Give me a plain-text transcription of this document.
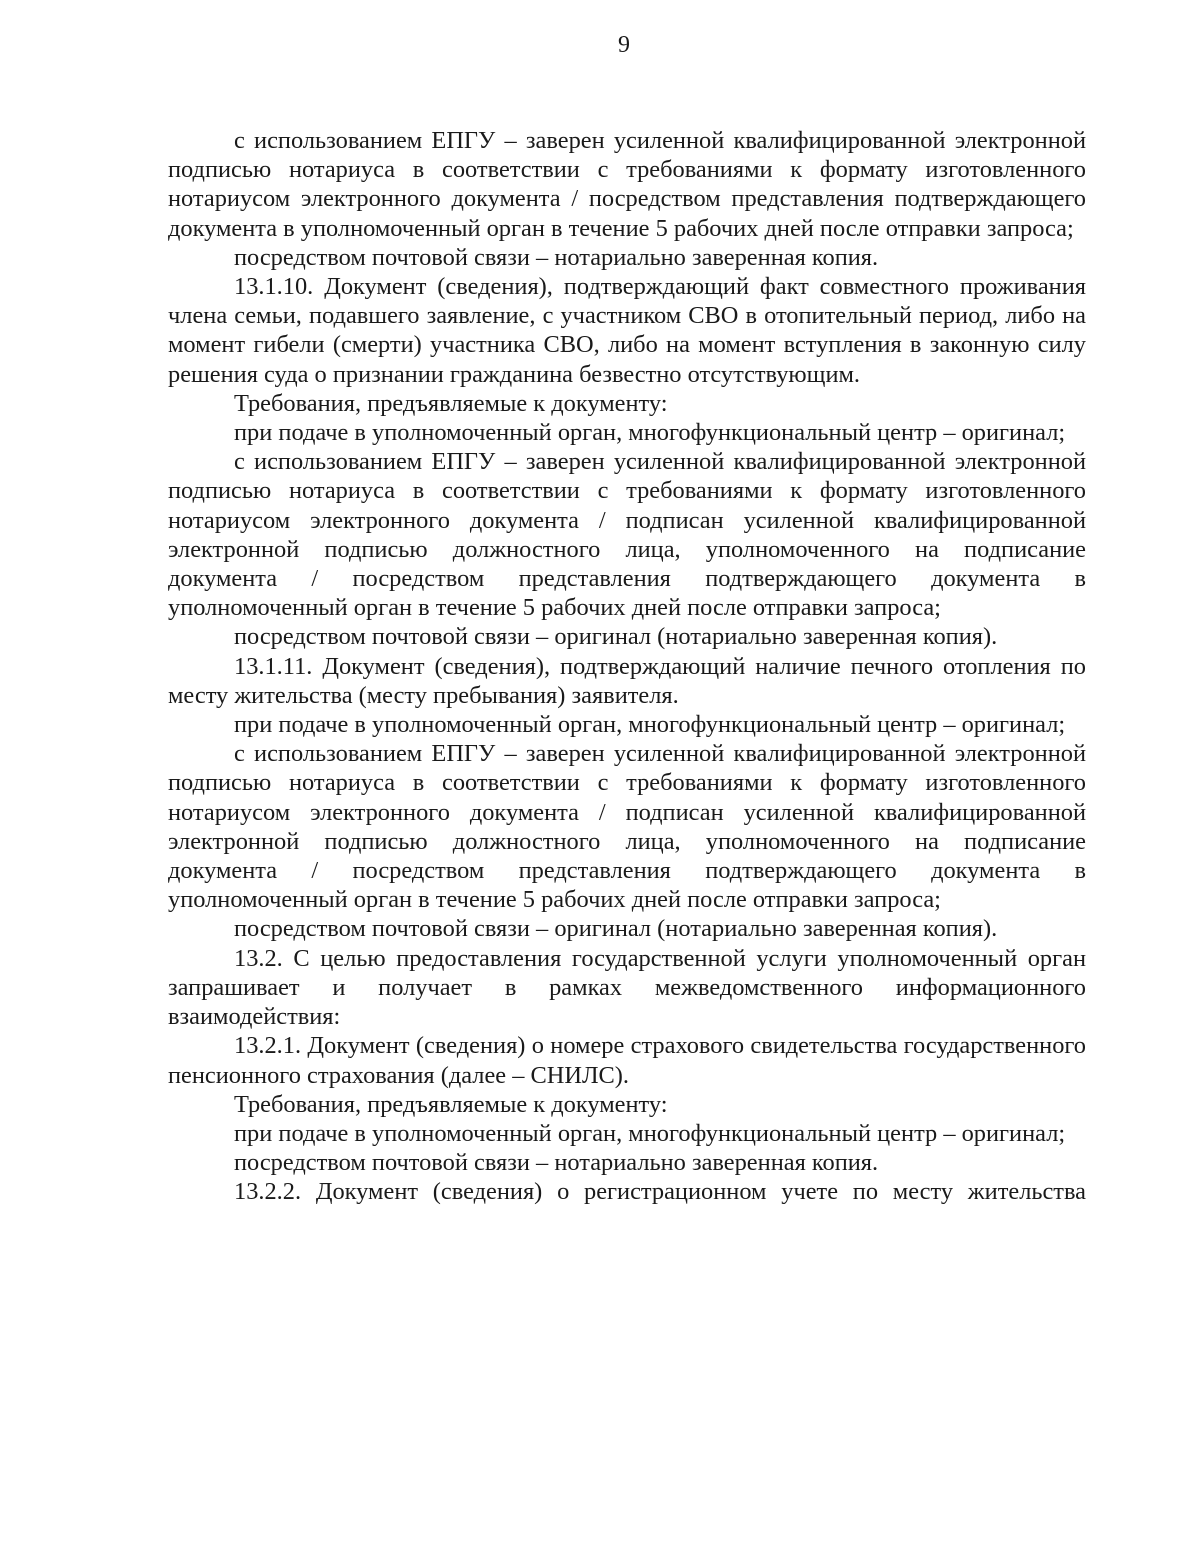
9

с использованием ЕПГУ – заверен усиленной квалифицированной электронной подписью нотариуса в соответствии с требованиями к формату изготовленного нотариусом электронного документа / посредством представления подтверждающего документа в уполномоченный орган в течение 5 рабочих дней после отправки запроса;

посредством почтовой связи – нотариально заверенная копия.

13.1.10. Документ (сведения), подтверждающий факт совместного проживания члена семьи, подавшего заявление, с участником СВО в отопительный период, либо на момент гибели (смерти) участника СВО, либо на момент вступления в законную силу решения суда о признании гражданина безвестно отсутствующим.

Требования, предъявляемые к документу:

при подаче в уполномоченный орган, многофункциональный центр – оригинал;

с использованием ЕПГУ – заверен усиленной квалифицированной электронной подписью нотариуса в соответствии с требованиями к формату изготовленного нотариусом электронного документа / подписан усиленной квалифицированной электронной подписью должностного лица, уполномоченного на подписание документа / посредством представления подтверждающего документа в уполномоченный орган в течение 5 рабочих дней после отправки запроса;

посредством почтовой связи – оригинал (нотариально заверенная копия).

13.1.11. Документ (сведения), подтверждающий наличие печного отопления по месту жительства (месту пребывания) заявителя.

при подаче в уполномоченный орган, многофункциональный центр – оригинал;

с использованием ЕПГУ – заверен усиленной квалифицированной электронной подписью нотариуса в соответствии с требованиями к формату изготовленного нотариусом электронного документа / подписан усиленной квалифицированной электронной подписью должностного лица, уполномоченного на подписание документа / посредством представления подтверждающего документа в уполномоченный орган в течение 5 рабочих дней после отправки запроса;

посредством почтовой связи – оригинал (нотариально заверенная копия).

13.2. С целью предоставления государственной услуги уполномоченный орган запрашивает и получает в рамках межведомственного информационного взаимодействия:

13.2.1. Документ (сведения) о номере страхового свидетельства государственного пенсионного страхования (далее – СНИЛС).

Требования, предъявляемые к документу:

при подаче в уполномоченный орган, многофункциональный центр – оригинал;

посредством почтовой связи – нотариально заверенная копия.

13.2.2. Документ (сведения) о регистрационном учете по месту жительства
